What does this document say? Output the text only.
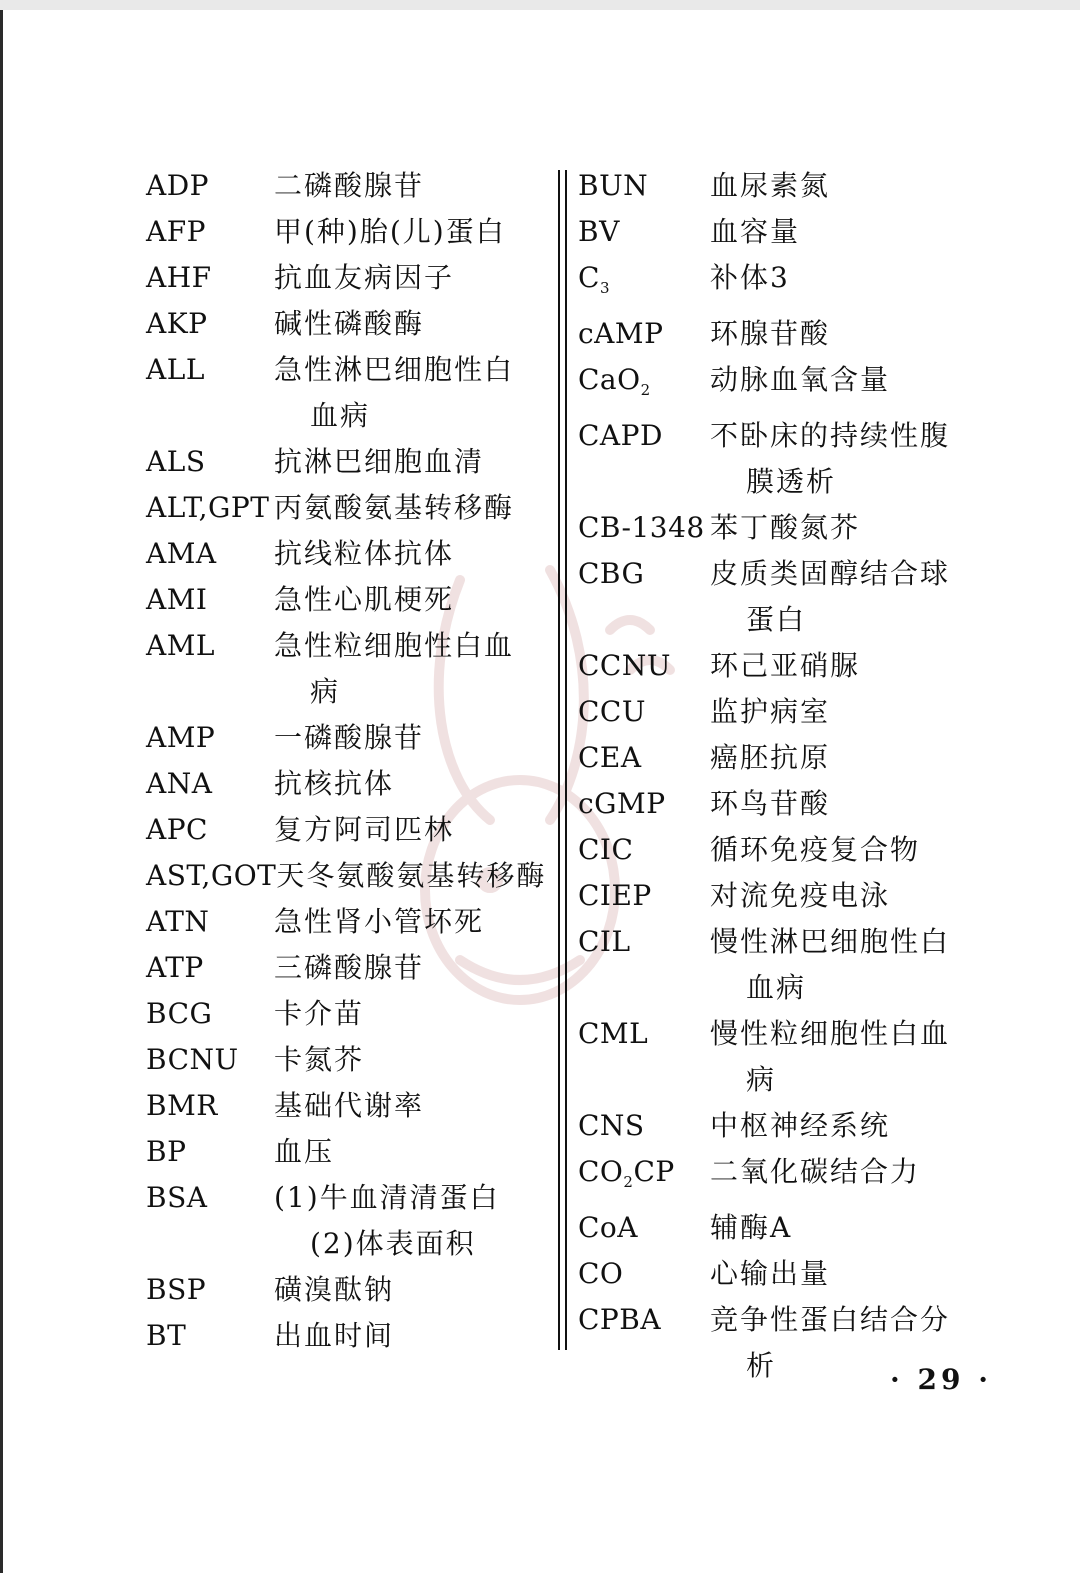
ADP	二磷酸腺苷
AFP	甲(种)胎(儿)蛋白
AHF	抗血友病因子
AKP	碱性磷酸酶
ALL	急性淋巴细胞性白
血病
ALS	抗淋巴细胞血清
ALT,GPT 丙氨酸氨基转移酶
AMA	抗线粒体抗体
AMI	急性心肌梗死
AML	急性粒细胞性白血
病
AMP	一磷酸腺苷
ANA	抗核抗体
APC	复方阿司匹林
AST,GOT 天冬氨酸氨基转移酶
ATN	急性肾小管坏死
ATP	三磷酸腺苷
BCG	卡介苗
BCNU	卡氮芥
BMR	基础代谢率
BP	血压
BSA	(1)牛血清清蛋白
(2)体表面积
BSP	磺溴酞钠
BT	出血时间
BUN	血尿素氮
BV	血容量
$C_3$	补体3
cAMP	环腺苷酸
CaO$_2$	动脉血氧含量
CAPD	不卧床的持续性腹
膜透析
CB-1348 苯丁酸氮芥
CBG	皮质类固醇结合球
蛋白
CCNU	环己亚硝脲
CCU	监护病室
CEA	癌胚抗原
cGMP	环鸟苷酸
CIC	循环免疫复合物
CIEP	对流免疫电泳
CIL	慢性淋巴细胞性白
血病
CML	慢性粒细胞性白血
病
CNS	中枢神经系统
$CO_2CP$	二氧化碳结合力
CoA	辅酶A
CO	心输出量
CPBA	竞争性蛋白结合分
析	· 29 ·
